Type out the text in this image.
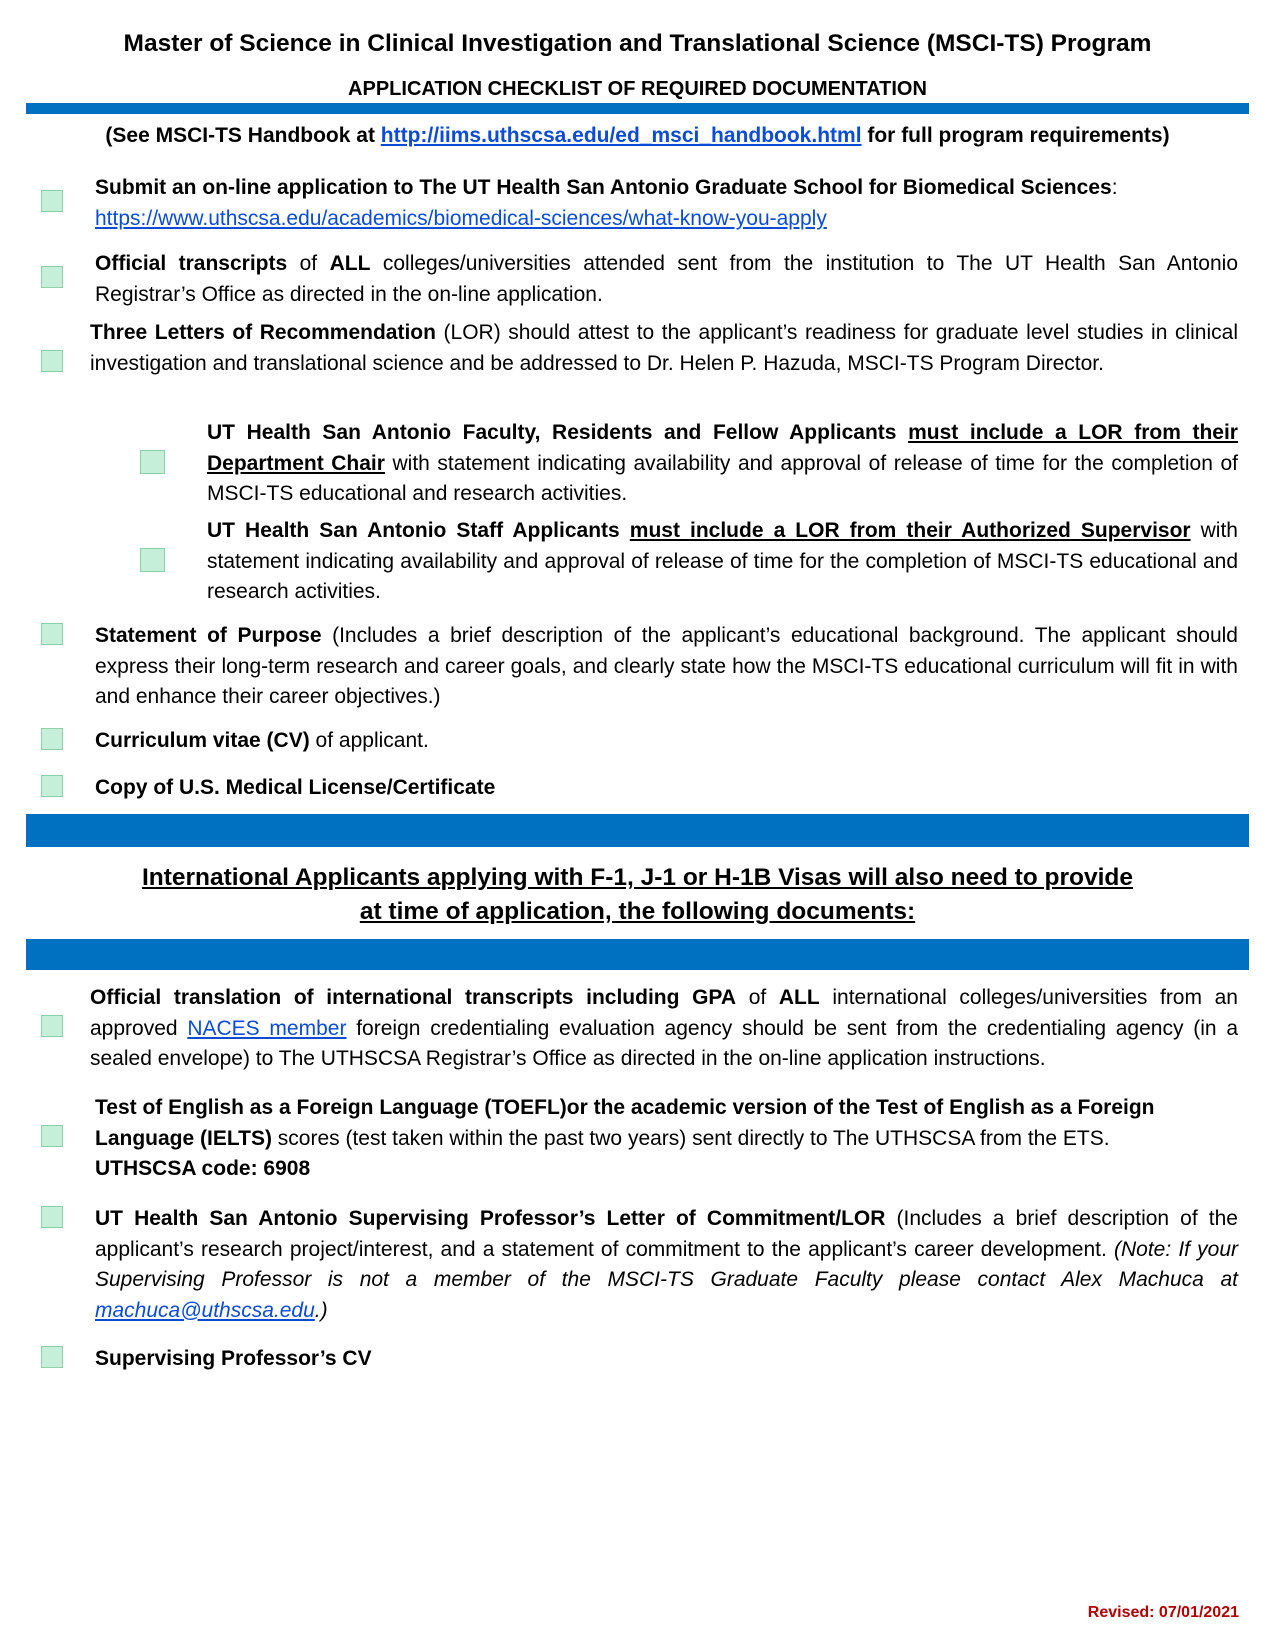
Master of Science in Clinical Investigation and Translational Science (MSCI-TS) Program
APPLICATION CHECKLIST OF REQUIRED DOCUMENTATION
(See MSCI-TS Handbook at http://iims.uthscsa.edu/ed_msci_handbook.html for full program requirements)
Submit an on-line application to The UT Health San Antonio Graduate School for Biomedical Sciences:
https://www.uthscsa.edu/academics/biomedical-sciences/what-know-you-apply
Official transcripts of ALL colleges/universities attended sent from the institution to The UT Health San Antonio Registrar’s Office as directed in the on-line application.
Three Letters of Recommendation (LOR) should attest to the applicant’s readiness for graduate level studies in clinical investigation and translational science and be addressed to Dr. Helen P. Hazuda, MSCI-TS Program Director.
UT Health San Antonio Faculty, Residents and Fellow Applicants must include a LOR from their Department Chair with statement indicating availability and approval of release of time for the completion of MSCI-TS educational and research activities.
UT Health San Antonio Staff Applicants must include a LOR from their Authorized Supervisor with statement indicating availability and approval of release of time for the completion of MSCI-TS educational and research activities.
Statement of Purpose (Includes a brief description of the applicant’s educational background. The applicant should express their long-term research and career goals, and clearly state how the MSCI-TS educational curriculum will fit in with and enhance their career objectives.)
Curriculum vitae (CV) of applicant.
Copy of U.S. Medical License/Certificate
International Applicants applying with F-1, J-1 or H-1B Visas will also need to provide
at time of application, the following documents:
Official translation of international transcripts including GPA of ALL international colleges/universities from an approved NACES member foreign credentialing evaluation agency should be sent from the credentialing agency (in a sealed envelope) to The UTHSCSA Registrar’s Office as directed in the on-line application instructions.
Test of English as a Foreign Language (TOEFL)or the academic version of the Test of English as a Foreign Language (IELTS) scores (test taken within the past two years) sent directly to The UTHSCSA from the ETS.
UTHSCSA code: 6908
UT Health San Antonio Supervising Professor’s Letter of Commitment/LOR (Includes a brief description of the applicant’s research project/interest, and a statement of commitment to the applicant’s career development. (Note: If your Supervising Professor is not a member of the MSCI-TS Graduate Faculty please contact Alex Machuca at machuca@uthscsa.edu.)
Supervising Professor’s CV
Revised: 07/01/2021
